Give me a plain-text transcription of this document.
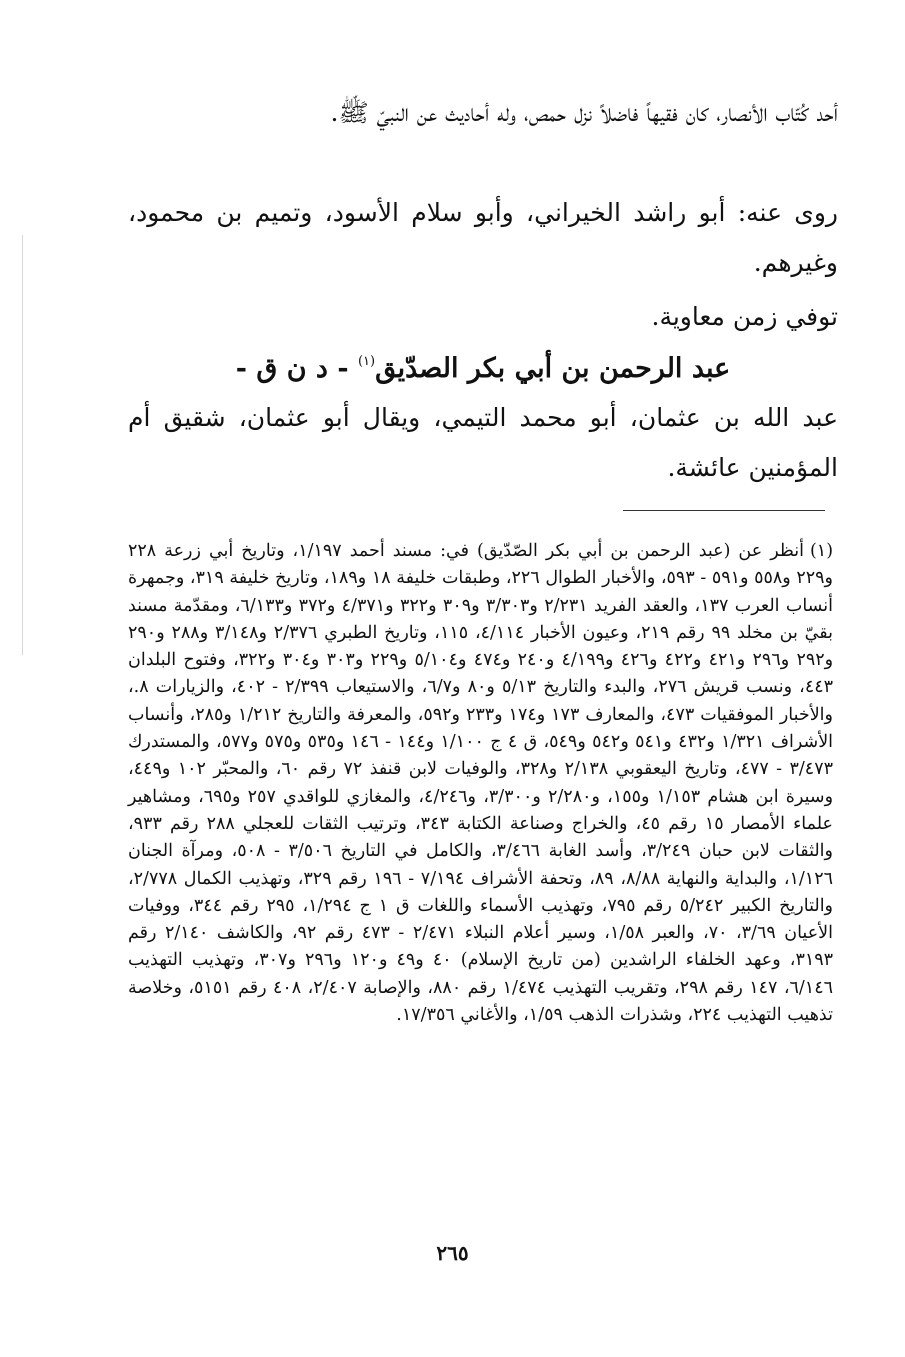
أحد كُتّاب الأنصار، كان فقيهاً فاضلاً نزل حمص، وله أحاديث عن النبيّ ﷺ.

روى عنه: أبو راشد الخيراني، وأبو سلام الأسود، وتميم بن محمود، وغيرهم.

توفي زمن معاوية.

عبد الرحمن بن أبي بكر الصدّيق$^{(١)}$ - د ن ق -

عبد الله بن عثمان، أبو محمد التيمي، ويقال أبو عثمان، شقيق أم المؤمنين عائشة.

(١)أنظر عن (عبد الرحمن بن أبي بكر الصّدّيق) في: مسند أحمد ١/١٩٧، وتاريخ أبي زرعة ٢٢٨ و٢٢٩ و٥٥٨ و٥٩١ - ٥٩٣، والأخبار الطوال ٢٢٦، وطبقات خليفة ١٨ و١٨٩، وتاريخ خليفة ٣١٩، وجمهرة أنساب العرب ١٣٧، والعقد الفريد ٢/٢٣١ و٣/٣٠٣ و٣٠٩ و٣٢٢ و٤/٣٧١ و٣٧٢ و٦/١٣٣، ومقدّمة مسند بقيّ بن مخلد ٩٩ رقم ٢١٩، وعيون الأخبار ٤/١١٤، ١١٥، وتاريخ الطبري ٢/٣٧٦ و٣/١٤٨ و٢٨٨ و٢٩٠ و٢٩٢ و٢٩٦ و٤٢١ و٤٢٢ و٤٢٦ و٤/١٩٩ و٢٤٠ و٤٧٤ و٥/١٠٤ و٢٢٩ و٣٠٣ و٣٠٤ و٣٢٢، وفتوح البلدان ٤٤٣، ونسب قريش ٢٧٦، والبدء والتاريخ ٥/١٣ و٨٠ و٦/٧، والاستيعاب ٢/٣٩٩ - ٤٠٢، والزيارات ٨.، والأخبار الموفقيات ٤٧٣، والمعارف ١٧٣ و١٧٤ و٢٣٣ و٥٩٢، والمعرفة والتاريخ ١/٢١٢ و٢٨٥، وأنساب الأشراف ١/٣٢١ و٤٣٢ و٥٤١ و٥٤٢ و٥٤٩، ق ٤ ج ١/١٠٠ و١٤٤ - ١٤٦ و٥٣٥ و٥٧٥ و٥٧٧، والمستدرك ٣/٤٧٣ - ٤٧٧، وتاريخ اليعقوبي ٢/١٣٨ و٣٢٨، والوفيات لابن قنفذ ٧٢ رقم ٦٠، والمحبّر ١٠٢ و٤٤٩، وسيرة ابن هشام ١/١٥٣ و١٥٥، و٢/٢٨٠ و٣/٣٠٠، و٤/٢٤٦، والمغازي للواقدي ٢٥٧ و٦٩٥، ومشاهير علماء الأمصار ١٥ رقم ٤٥، والخراج وصناعة الكتابة ٣٤٣، وترتيب الثقات للعجلي ٢٨٨ رقم ٩٣٣، والثقات لابن حبان ٣/٢٤٩، وأسد الغابة ٣/٤٦٦، والكامل في التاريخ ٣/٥٠٦ - ٥٠٨، ومرآة الجنان ١/١٢٦، والبداية والنهاية ٨/٨٨، ٨٩، وتحفة الأشراف ٧/١٩٤ - ١٩٦ رقم ٣٢٩، وتهذيب الكمال ٢/٧٧٨، والتاريخ الكبير ٥/٢٤٢ رقم ٧٩٥، وتهذيب الأسماء واللغات ق ١ ج ١/٢٩٤، ٢٩٥ رقم ٣٤٤، ووفيات الأعيان ٣/٦٩، ٧٠، والعبر ١/٥٨، وسير أعلام النبلاء ٢/٤٧١ - ٤٧٣ رقم ٩٢، والكاشف ٢/١٤٠ رقم ٣١٩٣، وعهد الخلفاء الراشدين (من تاريخ الإسلام) ٤٠ و٤٩ و١٢٠ و٢٩٦ و٣٠٧، وتهذيب التهذيب ٦/١٤٦، ١٤٧ رقم ٢٩٨، وتقريب التهذيب ١/٤٧٤ رقم ٨٨٠، والإصابة ٢/٤٠٧، ٤٠٨ رقم ٥١٥١، وخلاصة تذهيب التهذيب ٢٢٤، وشذرات الذهب ١/٥٩، والأغاني ١٧/٣٥٦.

٢٦٥
